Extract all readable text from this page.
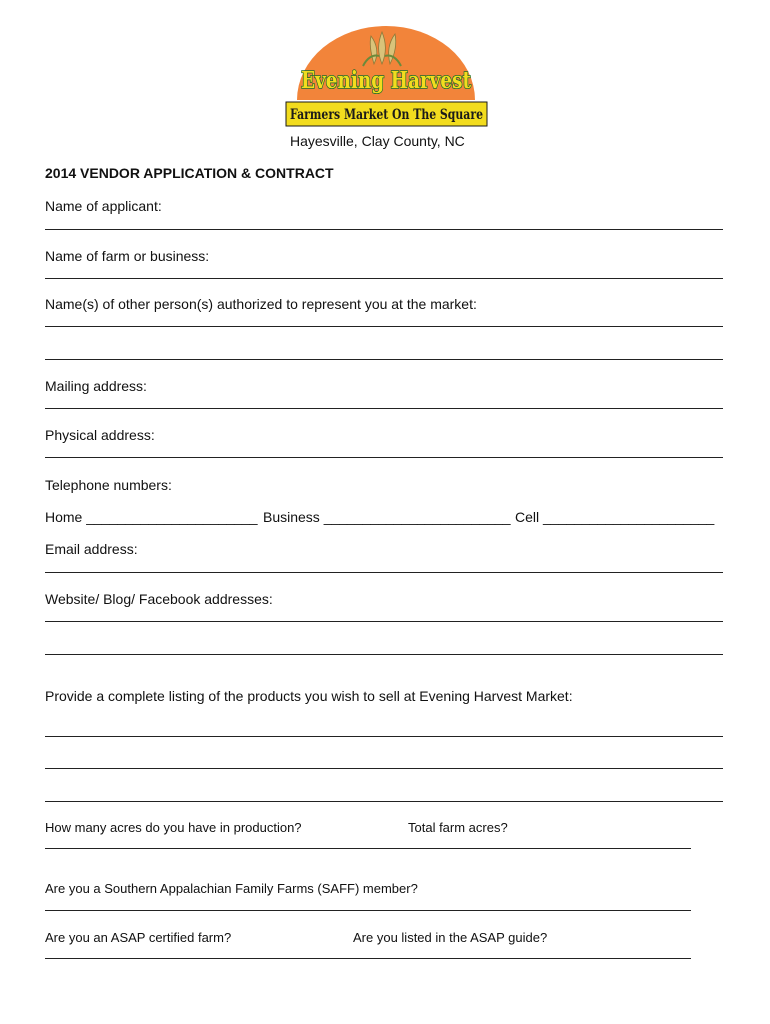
Evening Harvest
Farmers Market On The Square
Hayesville, Clay County, NC
2014 VENDOR APPLICATION & CONTRACT
Name of applicant:
Name of farm or business:
Name(s) of other person(s) authorized to represent you at the market:
Mailing address:
Physical address:
Telephone numbers:
Home ______________________ Business ________________________ Cell ______________________
Email address:
Website/ Blog/ Facebook addresses:
Provide a complete listing of the products you wish to sell at Evening Harvest Market:
How many acres do you have in production?	Total farm acres?
Are you a Southern Appalachian Family Farms (SAFF) member?
Are you an ASAP certified farm?	Are you listed in the ASAP guide?
